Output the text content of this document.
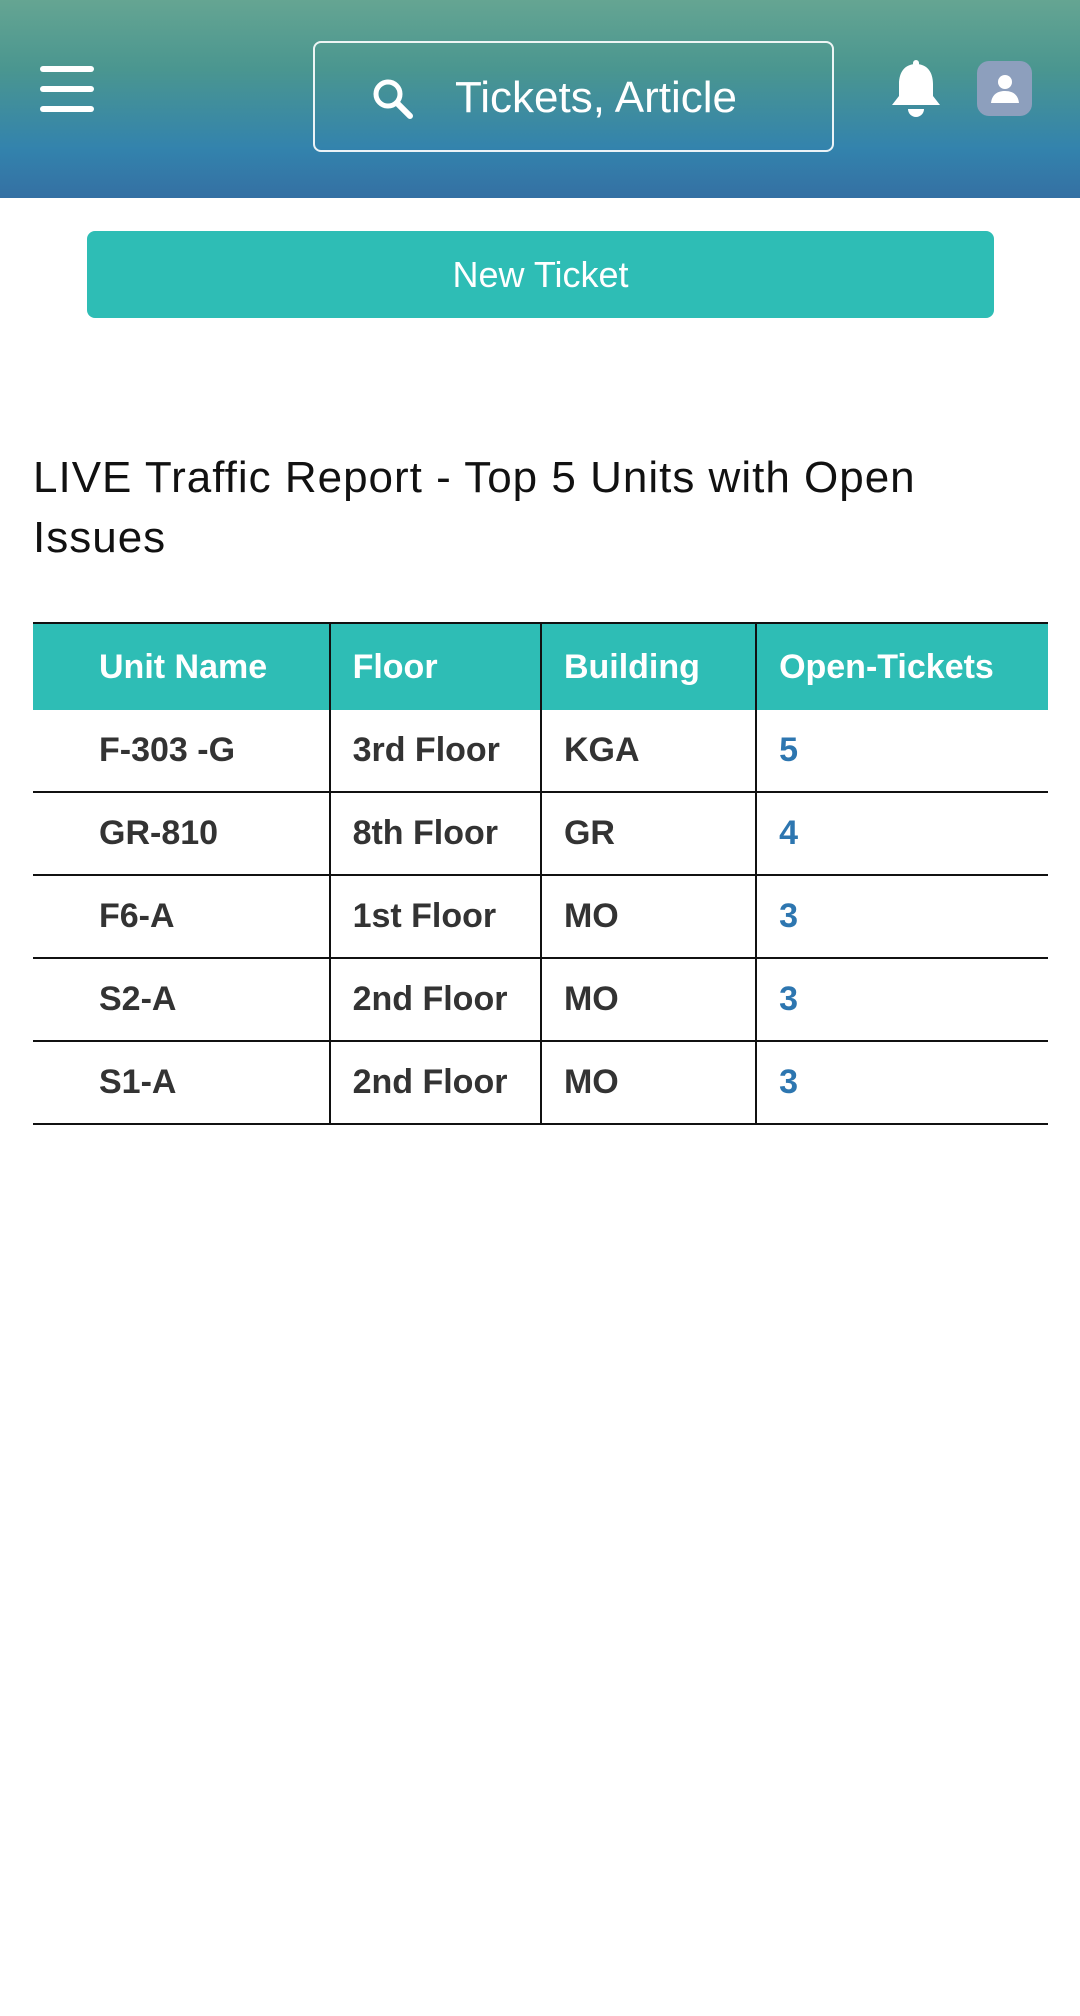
Tickets, Article
New Ticket
LIVE Traffic Report - Top 5 Units with Open Issues
Unit Name	Floor	Building	Open-Tickets
F-303 -G	3rd Floor	KGA	5
GR-810	8th Floor	GR	4
F6-A	1st Floor	MO	3
S2-A	2nd Floor	MO	3
S1-A	2nd Floor	MO	3
